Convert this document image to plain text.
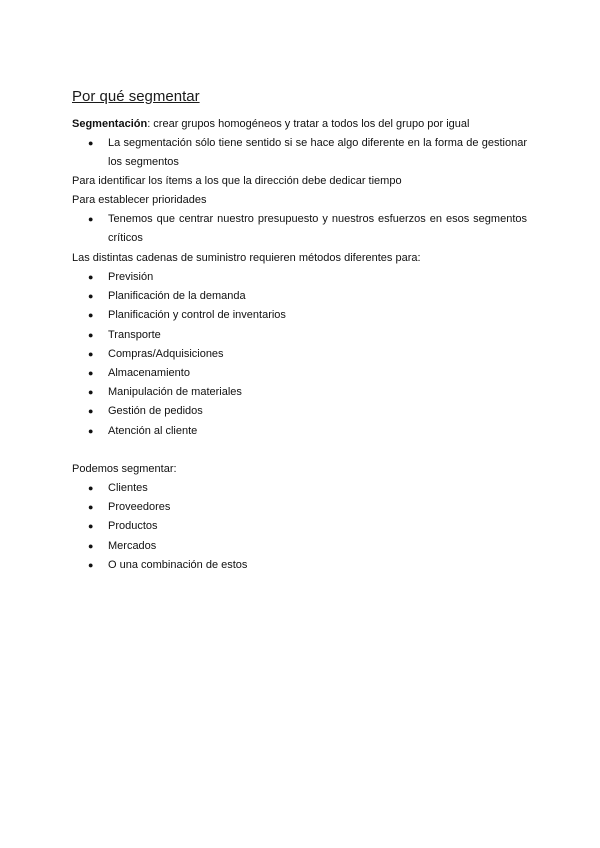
Por qué segmentar
Segmentación: crear grupos homogéneos y tratar a todos los del grupo por igual
● La segmentación sólo tiene sentido si se hace algo diferente en la forma de gestionar los segmentos
Para identificar los ítems a los que la dirección debe dedicar tiempo
Para establecer prioridades
● Tenemos que centrar nuestro presupuesto y nuestros esfuerzos en esos segmentos críticos
Las distintas cadenas de suministro requieren métodos diferentes para:
● Previsión
● Planificación de la demanda
● Planificación y control de inventarios
● Transporte
● Compras/Adquisiciones
● Almacenamiento
● Manipulación de materiales
● Gestión de pedidos
● Atención al cliente
Podemos segmentar:
● Clientes
● Proveedores
● Productos
● Mercados
● O una combinación de estos
